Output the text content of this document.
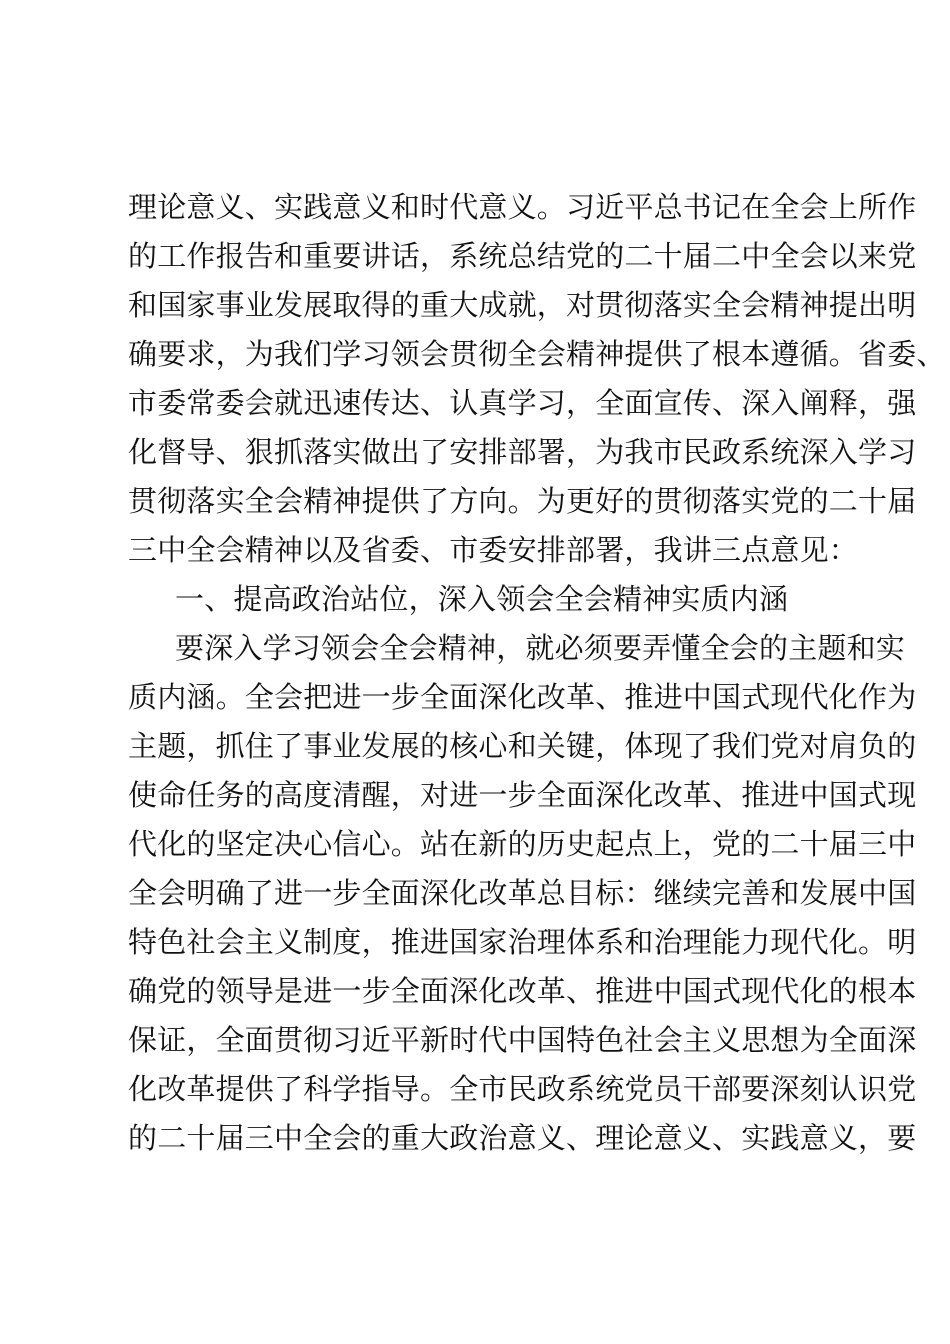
理论意义、实践意义和时代意义。习近平总书记在全会上所作
的工作报告和重要讲话，系统总结党的二十届二中全会以来党
和国家事业发展取得的重大成就，对贯彻落实全会精神提出明
确要求，为我们学习领会贯彻全会精神提供了根本遵循。省委、
市委常委会就迅速传达、认真学习，全面宣传、深入阐释，强
化督导、狠抓落实做出了安排部署，为我市民政系统深入学习
贯彻落实全会精神提供了方向。为更好的贯彻落实党的二十届
三中全会精神以及省委、市委安排部署，我讲三点意见：
一、提高政治站位，深入领会全会精神实质内涵
要深入学习领会全会精神，就必须要弄懂全会的主题和实
质内涵。全会把进一步全面深化改革、推进中国式现代化作为
主题，抓住了事业发展的核心和关键，体现了我们党对肩负的
使命任务的高度清醒，对进一步全面深化改革、推进中国式现
代化的坚定决心信心。站在新的历史起点上，党的二十届三中
全会明确了进一步全面深化改革总目标：继续完善和发展中国
特色社会主义制度，推进国家治理体系和治理能力现代化。明
确党的领导是进一步全面深化改革、推进中国式现代化的根本
保证，全面贯彻习近平新时代中国特色社会主义思想为全面深
化改革提供了科学指导。全市民政系统党员干部要深刻认识党
的二十届三中全会的重大政治意义、理论意义、实践意义，要
